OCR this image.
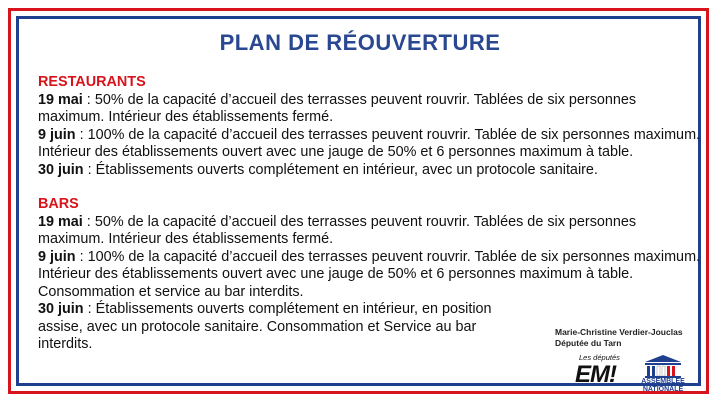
PLAN DE RÉOUVERTURE

RESTAURANTS

19 mai : 50% de la capacité d’accueil des terrasses peuvent rouvrir. Tablées de six personnes maximum. Intérieur des établissements fermé.

9 juin : 100% de la capacité d’accueil des terrasses peuvent rouvrir. Tablée de six personnes maximum. Intérieur des établissements ouvert avec une jauge de 50% et 6 personnes maximum à table.

30 juin : Établissements ouverts complétement en intérieur, avec un protocole sanitaire.

BARS

19 mai : 50% de la capacité d’accueil des terrasses peuvent rouvrir. Tablées de six personnes maximum. Intérieur des établissements fermé.

9 juin : 100% de la capacité d’accueil des terrasses peuvent rouvrir. Tablée de six personnes maximum. Intérieur des établissements ouvert avec une jauge de 50% et 6 personnes maximum à table. Consommation et service au bar interdits.

30 juin : Établissements ouverts complétement en intérieur, en position assise, avec un protocole sanitaire. Consommation et Service au bar interdits.

Marie-Christine Verdier-Jouclas
Députée du Tarn
Les députés
EM!	ASSEMBLÉE
NATIONALE
